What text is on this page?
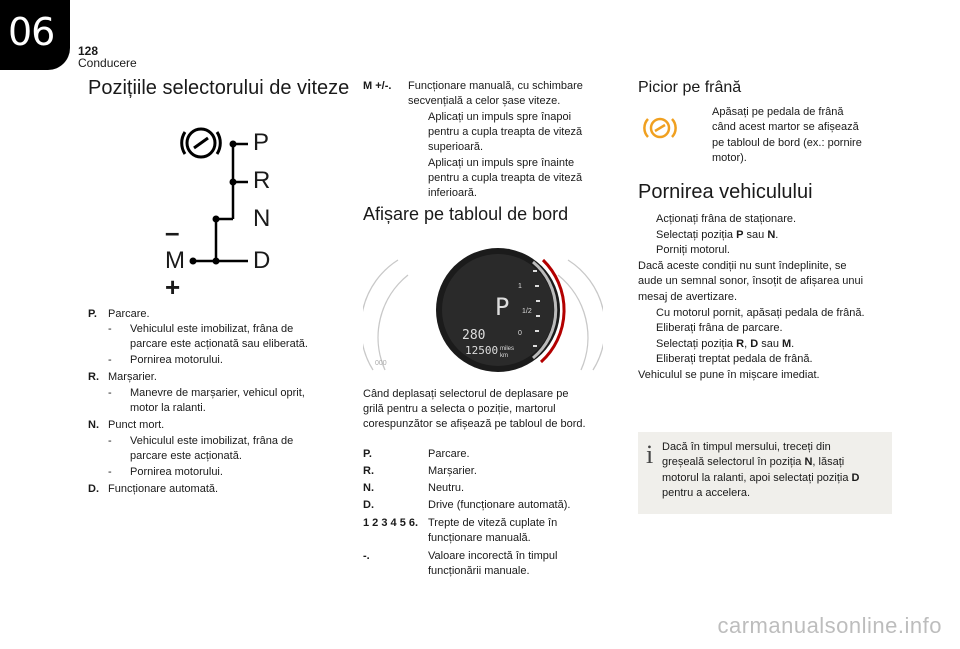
06 128
Conducere
Pozițiile selectorului de viteze
P
R
N
D
M
–
+
P. Parcare.
- Vehiculul este imobilizat, frâna de
parcare este acționată sau eliberată.
- Pornirea motorului.
R. Marșarier.
- Manevre de marșarier, vehicul oprit,
motor la ralanti.
N. Punct mort.
- Vehiculul este imobilizat, frâna de
parcare este acționată.
- Pornirea motorului.
D. Funcționare automată.
M +/-. Funcționare manuală, cu schimbare
secvențială a celor șase viteze.
Aplicați un impuls spre înapoi
pentru a cupla treapta de viteză
superioară.
Aplicați un impuls spre înainte
pentru a cupla treapta de viteză
inferioară.
Afișare pe tabloul de bord
P
280
12500 miles
km
1
1/2
0
000
Când deplasați selectorul de deplasare pe
grilă pentru a selecta o poziție, martorul
corespunzător se afișează pe tabloul de bord.
P.	Parcare.
R.	Marșarier.
N.	Neutru.
D.	Drive (funcționare automată).
1 2 3 4 5 6. Trepte de viteză cuplate în
funcționare manuală.
-.	Valoare incorectă în timpul
funcționării manuale.
Picior pe frână
Apăsați pe pedala de frână
când acest martor se afișează
pe tabloul de bord (ex.: pornire
motor).
Pornirea vehiculului
Acționați frâna de staționare.
Selectați poziția P sau N.
Porniți motorul.
Dacă aceste condiții nu sunt îndeplinite, se
aude un semnal sonor, însoțit de afișarea unui
mesaj de avertizare.
Cu motorul pornit, apăsați pedala de frână.
Eliberați frâna de parcare.
Selectați poziția R, D sau M.
Eliberați treptat pedala de frână.
Vehiculul se pune în mișcare imediat.
i Dacă în timpul mersului, treceți din
greșeală selectorul în poziția N, lăsați
motorul la ralanti, apoi selectați poziția D
pentru a accelera.
carmanualsonline.info
